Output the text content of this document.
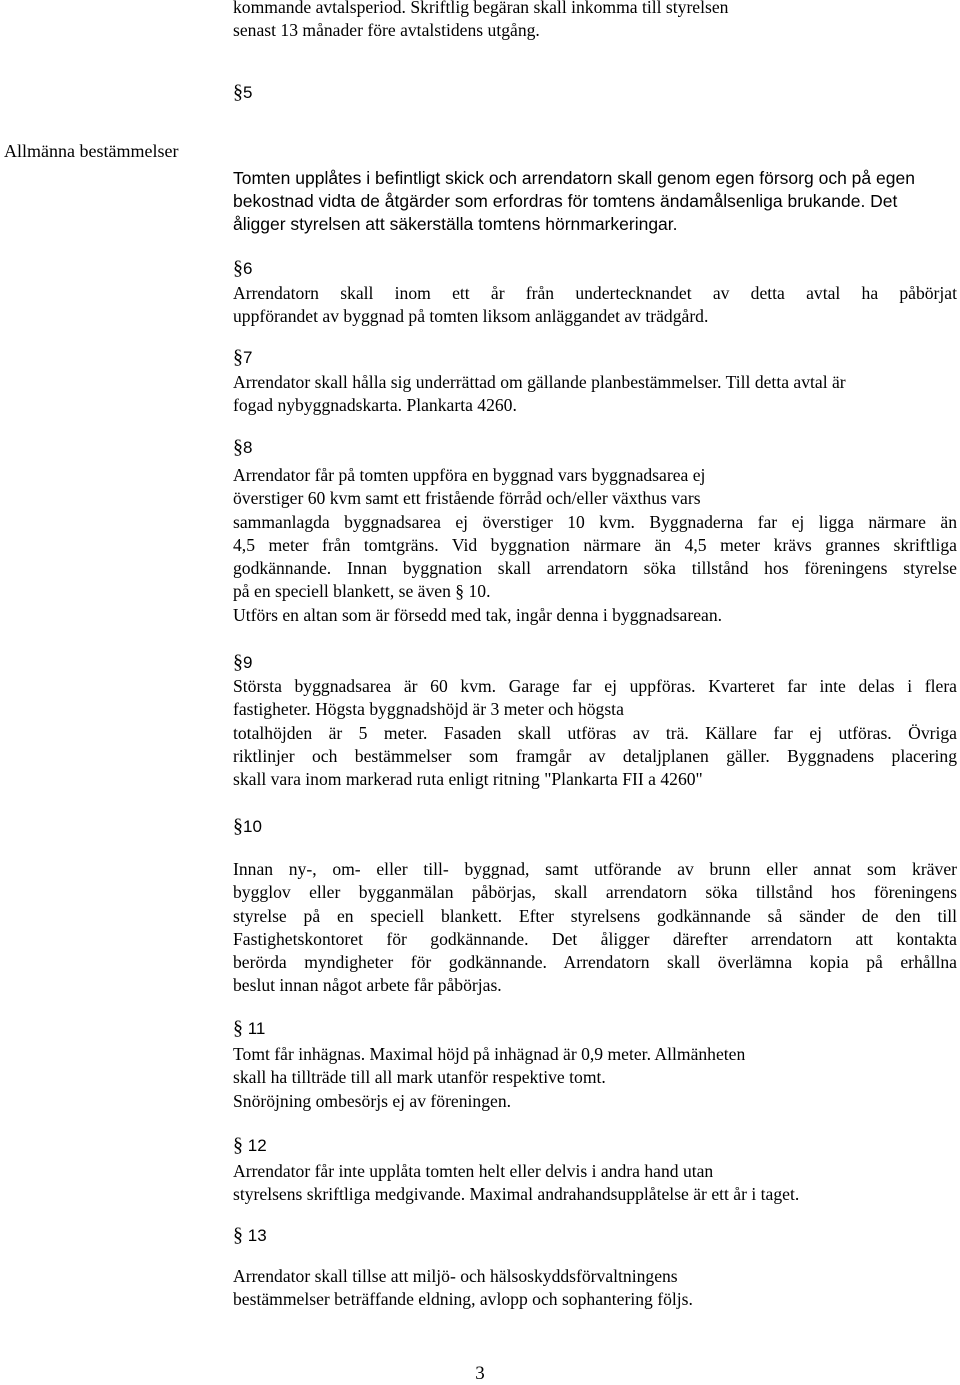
kommande avtalsperiod. Skriftlig begäran skall inkomma till styrelsen
senast 13 månader före avtalstidens utgång.
§5
Allmänna bestämmelser
Tomten upplåtes i befintligt skick och arrendatorn skall genom egen försorg och på egen
bekostnad vidta de åtgärder som erfordras för tomtens ändamålsenliga brukande. Det
åligger styrelsen att säkerställa tomtens hörnmarkeringar.
§6
Arrendatorn skall inom ett år från undertecknandet av detta avtal ha påbörjat
uppförandet av byggnad på tomten liksom anläggandet av trädgård.
§7
Arrendator skall hålla sig underrättad om gällande planbestämmelser. Till detta avtal är
fogad nybyggnadskarta. Plankarta 4260.
§8
Arrendator får på tomten uppföra en byggnad vars byggnadsarea ej
överstiger 60 kvm samt ett fristående förråd och/eller växthus vars
sammanlagda byggnadsarea ej överstiger 10 kvm. Byggnaderna far ej ligga närmare än
4,5 meter från tomtgräns. Vid byggnation närmare än 4,5 meter krävs grannes skriftliga
godkännande. Innan byggnation skall arrendatorn söka tillstånd hos föreningens styrelse
på en speciell blankett, se även § 10.
Utförs en altan som är försedd med tak, ingår denna i byggnadsarean.
§9
Största byggnadsarea är 60 kvm. Garage far ej uppföras. Kvarteret far inte delas i flera
fastigheter. Högsta byggnadshöjd är 3 meter och högsta
totalhöjden är 5 meter. Fasaden skall utföras av trä. Källare far ej utföras. Övriga
riktlinjer och bestämmelser som framgår av detaljplanen gäller. Byggnadens placering
skall vara inom markerad ruta enligt ritning "Plankarta FII a 4260"
§10
Innan ny-, om- eller till- byggnad, samt utförande av brunn eller annat som kräver
bygglov eller bygganmälan påbörjas, skall arrendatorn söka tillstånd hos föreningens
styrelse på en speciell blankett. Efter styrelsens godkännande så sänder de den till
Fastighetskontoret för godkännande. Det åligger därefter arrendatorn att kontakta
berörda myndigheter för godkännande. Arrendatorn skall överlämna kopia på erhållna
beslut innan något arbete får påbörjas.
§ 11
Tomt får inhägnas. Maximal höjd på inhägnad är 0,9 meter. Allmänheten
skall ha tillträde till all mark utanför respektive tomt.
Snöröjning ombesörjs ej av föreningen.
§ 12
Arrendator får inte upplåta tomten helt eller delvis i andra hand utan
styrelsens skriftliga medgivande. Maximal andrahandsupplåtelse är ett år i taget.
§ 13
Arrendator skall tillse att miljö- och hälsoskyddsförvaltningens
bestämmelser beträffande eldning, avlopp och sophantering följs.
3
